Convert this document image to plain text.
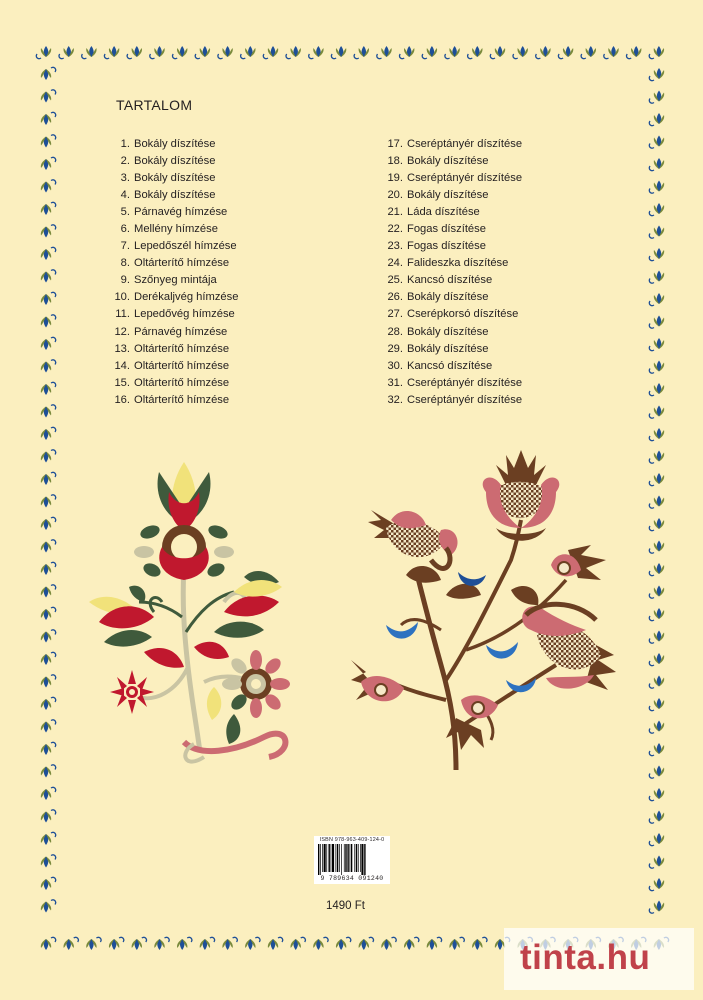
TARTALOM
1. Bokály díszítése
2. Bokály díszítése
3. Bokály díszítése
4. Bokály díszítése
5. Párnavég hímzése
6. Mellény hímzése
7. Lepedőszél hímzése
8. Oltárterítő hímzése
9. Szőnyeg mintája
10. Derékaljvég hímzése
11. Lepedővég hímzése
12. Párnavég hímzése
13. Oltárterítő hímzése
14. Oltárterítő hímzése
15. Oltárterítő hímzése
16. Oltárterítő hímzése
17. Cseréptányér díszítése
18. Bokály díszítése
19. Cseréptányér díszítése
20. Bokály díszítése
21. Láda díszítése
22. Fogas díszítése
23. Fogas díszítése
24. Falideszka díszítése
25. Kancsó díszítése
26. Bokály díszítése
27. Cserépkorsó díszítése
28. Bokály díszítése
29. Bokály díszítése
30. Kancsó díszítése
31. Cseréptányér díszítése
32. Cseréptányér díszítése
ISBN 978-963-409-124-0
9 789634 091240
1490 Ft
tinta.hu
